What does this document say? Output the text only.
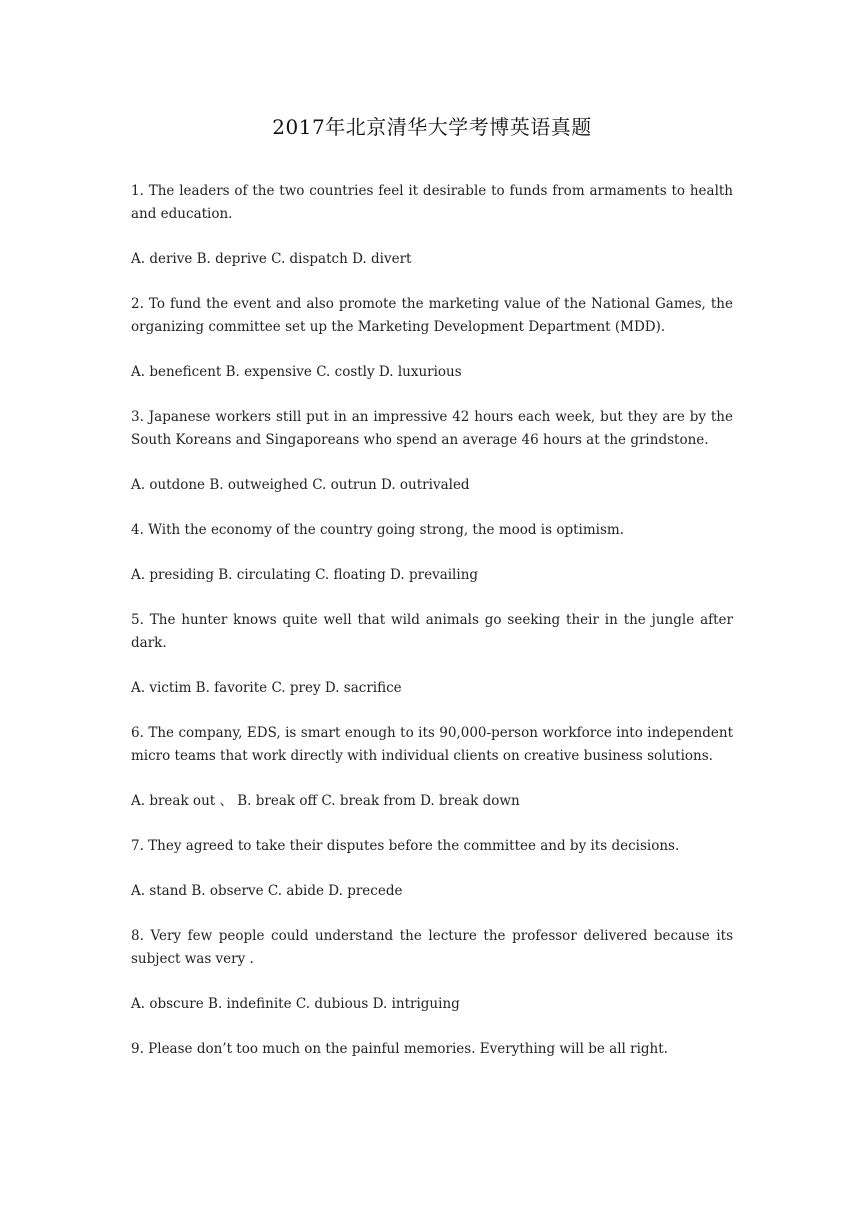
2017年北京清华大学考博英语真题

1. The leaders of the two countries feel it desirable to funds from armaments to health and education.

A. derive B. deprive C. dispatch D. divert

2. To fund the event and also promote the marketing value of the National Games, the organizing committee set up the Marketing Development Department (MDD).

A. beneficent B. expensive C. costly D. luxurious

3. Japanese workers still put in an impressive 42 hours each week, but they are by the South Koreans and Singaporeans who spend an average 46 hours at the grindstone.

A. outdone B. outweighed C. outrun D. outrivaled

4. With the economy of the country going strong, the mood is optimism.

A. presiding B. circulating C. floating D. prevailing

5. The hunter knows quite well that wild animals go seeking their in the jungle after dark.

A. victim B. favorite C. prey D. sacrifice

6. The company, EDS, is smart enough to its 90,000-person workforce into independent micro teams that work directly with individual clients on creative business solutions.

A. break out 、 B. break off C. break from D. break down

7. They agreed to take their disputes before the committee and by its decisions.

A. stand B. observe C. abide D. precede

8. Very few people could understand the lecture the professor delivered because its subject was very .

A. obscure B. indefinite C. dubious D. intriguing

9. Please don’t too much on the painful memories. Everything will be all right.
